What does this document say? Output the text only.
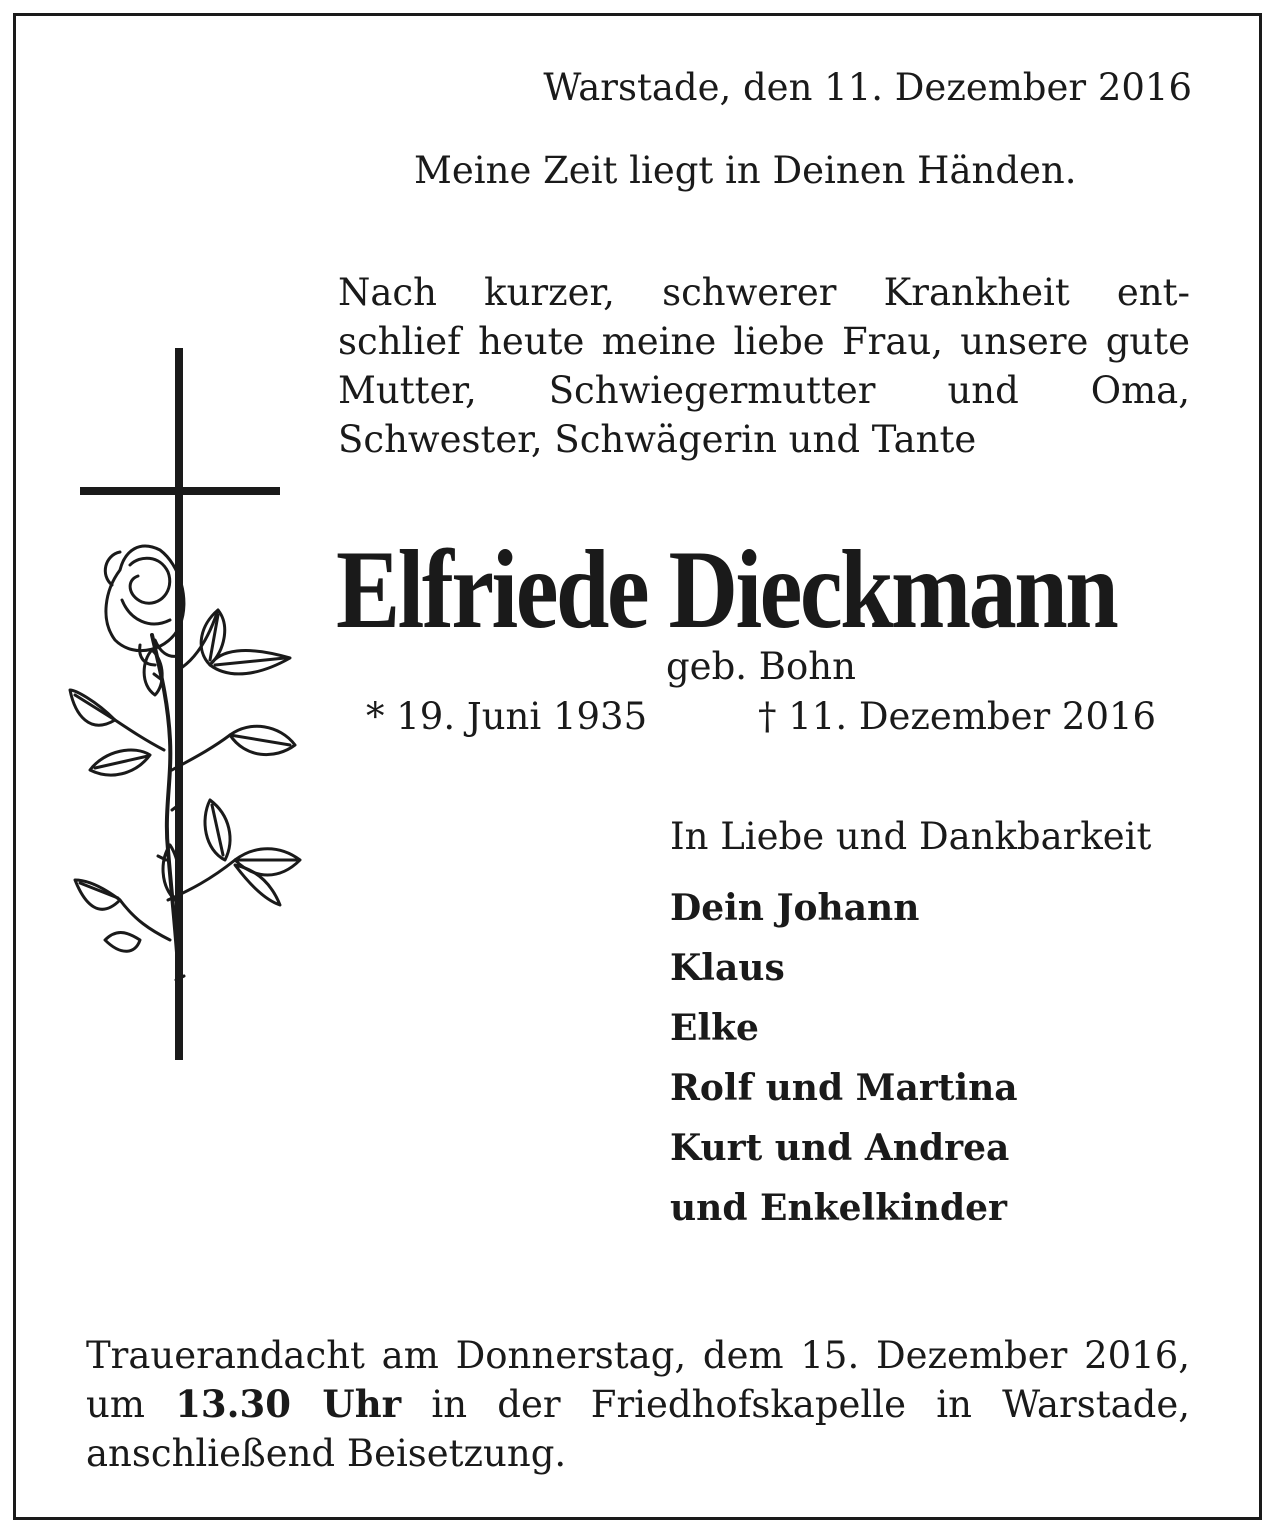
Warstade, den 11. Dezember 2016
Meine Zeit liegt in Deinen Händen.
Nach kurzer, schwerer Krankheit ent-
schlief heute meine liebe Frau, unsere gute
Mutter, Schwiegermutter und Oma,
Schwester, Schwägerin und Tante
Elfriede Dieckmann
geb. Bohn
* 19. Juni 1935	† 11. Dezember 2016
In Liebe und Dankbarkeit
Dein Johann
Klaus
Elke
Rolf und Martina
Kurt und Andrea
und Enkelkinder
Trauerandacht am Donnerstag, dem 15. Dezember 2016,
um 13.30 Uhr in der Friedhofskapelle in Warstade,
anschließend Beisetzung.
